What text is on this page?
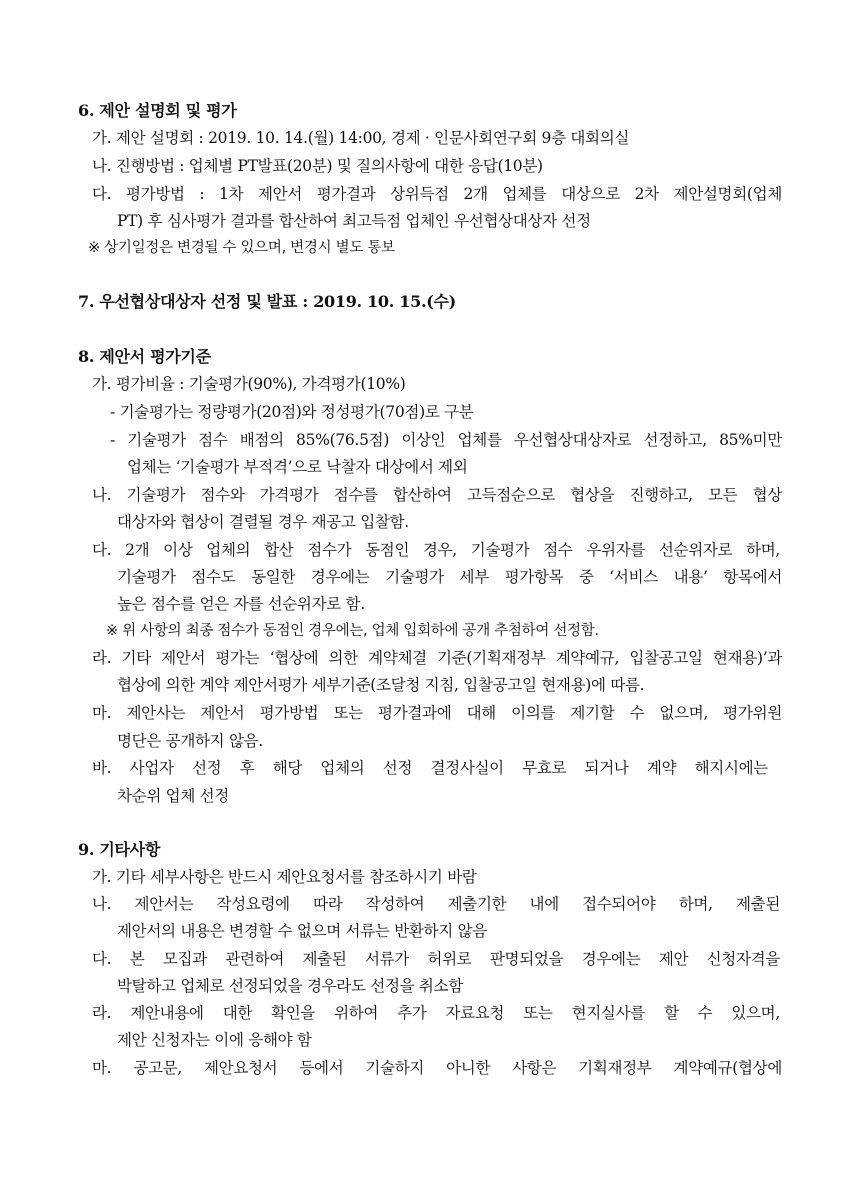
6. 제안 설명회 및 평가
가. 제안 설명회 : 2019. 10. 14.(월) 14:00, 경제 · 인문사회연구회 9층 대회의실
나. 진행방법 : 업체별 PT발표(20분) 및 질의사항에 대한 응답(10분)
다. 평가방법 : 1차 제안서 평가결과 상위득점 2개 업체를 대상으로 2차 제안설명회(업체
PT) 후 심사평가 결과를 합산하여 최고득점 업체인 우선협상대상자 선정
※ 상기일정은 변경될 수 있으며, 변경시 별도 통보
7. 우선협상대상자 선정 및 발표 : 2019. 10. 15.(수)
8. 제안서 평가기준
가. 평가비율 : 기술평가(90%), 가격평가(10%)
- 기술평가는 정량평가(20점)와 정성평가(70점)로 구분
- 기술평가 점수 배점의 85%(76.5점) 이상인 업체를 우선협상대상자로 선정하고, 85%미만
업체는 ‘기술평가 부적격’으로 낙찰자 대상에서 제외
나. 기술평가 점수와 가격평가 점수를 합산하여 고득점순으로 협상을 진행하고, 모든 협상
대상자와 협상이 결렬될 경우 재공고 입찰함.
다. 2개 이상 업체의 합산 점수가 동점인 경우, 기술평가 점수 우위자를 선순위자로 하며,
기술평가 점수도 동일한 경우에는 기술평가 세부 평가항목 중 ‘서비스 내용’ 항목에서
높은 점수를 얻은 자를 선순위자로 함.
※ 위 사항의 최종 점수가 동점인 경우에는, 업체 입회하에 공개 추첨하여 선정함.
라. 기타 제안서 평가는 ‘협상에 의한 계약체결 기준(기획재정부 계약예규, 입찰공고일 현재용)’과
협상에 의한 계약 제안서평가 세부기준(조달청 지침, 입찰공고일 현재용)에 따름.
마. 제안사는 제안서 평가방법 또는 평가결과에 대해 이의를 제기할 수 없으며, 평가위원
명단은 공개하지 않음.
바. 사업자 선정 후 해당 업체의 선정 결정사실이 무효로 되거나 계약 해지시에는
차순위 업체 선정
9. 기타사항
가. 기타 세부사항은 반드시 제안요청서를 참조하시기 바람
나. 제안서는 작성요령에 따라 작성하여 제출기한 내에 접수되어야 하며, 제출된
제안서의 내용은 변경할 수 없으며 서류는 반환하지 않음
다. 본 모집과 관련하여 제출된 서류가 허위로 판명되었을 경우에는 제안 신청자격을
박탈하고 업체로 선정되었을 경우라도 선정을 취소함
라. 제안내용에 대한 확인을 위하여 추가 자료요청 또는 현지실사를 할 수 있으며,
제안 신청자는 이에 응해야 함
마. 공고문, 제안요청서 등에서 기술하지 아니한 사항은 기획재정부 계약예규(협상에
